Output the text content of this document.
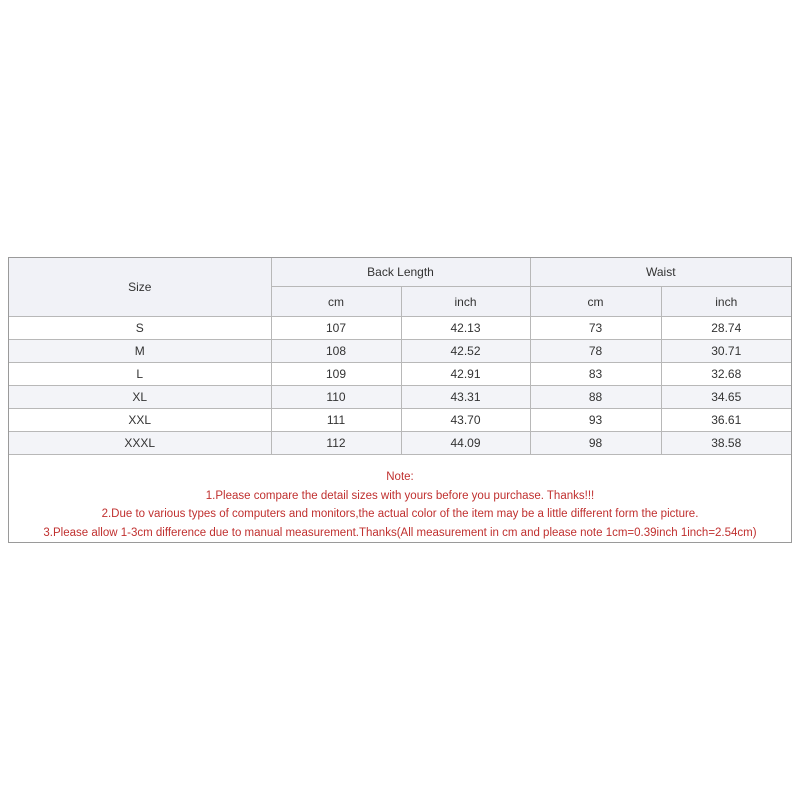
Size	Back Length		Waist	
	cm	inch	cm	inch
S	107	42.13	73	28.74
M	108	42.52	78	30.71
L	109	42.91	83	32.68
XL	110	43.31	88	34.65
XXL	111	43.70	93	36.61
XXXL	112	44.09	98	38.58
Note:
1.Please compare the detail sizes with yours before you purchase. Thanks!!!
2.Due to various types of computers and monitors,the actual color of the item may be a little different form the picture.
3.Please allow 1-3cm difference due to manual measurement.Thanks(All measurement in cm and please note 1cm=0.39inch 1inch=2.54cm)
